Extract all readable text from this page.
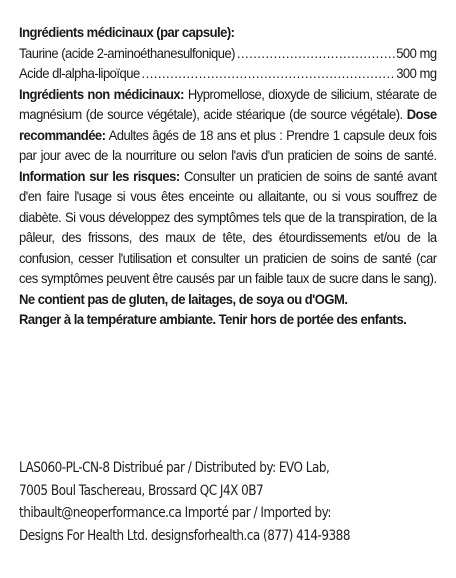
Ingrédients médicinaux (par capsule):
Taurine (acide 2-aminoéthanesulfonique) .....	500 mg
Acide dl-alpha-lipoïque .....	300 mg

Ingrédients non médicinaux: Hypromellose, dioxyde de silicium, stéarate de magnésium (de source végétale), acide stéarique (de source végétale). Dose recommandée: Adultes âgés de 18 ans et plus : Prendre 1 capsule deux fois par jour avec de la nourriture ou selon l'avis d'un praticien de soins de santé. Information sur les risques: Consulter un praticien de soins de santé avant d'en faire l'usage si vous êtes enceinte ou allaitante, ou si vous souffrez de diabète. Si vous développez des symptômes tels que de la transpiration, de la pâleur, des frissons, des maux de tête, des étourdissements et/ou de la confusion, cesser l'utilisation et consulter un praticien de soins de santé (car ces symptômes peuvent être causés par un faible taux de sucre dans le sang). Ne contient pas de gluten, de laitages, de soya ou d'OGM.

Ranger à la température ambiante. Tenir hors de portée des enfants.
LAS060-PL-CN-8 Distribué par / Distributed by: EVO Lab,
7005 Boul Taschereau, Brossard QC J4X 0B7
thibault@neoperformance.ca Importé par / Imported by:
Designs For Health Ltd. designsforhealth.ca (877) 414-9388
